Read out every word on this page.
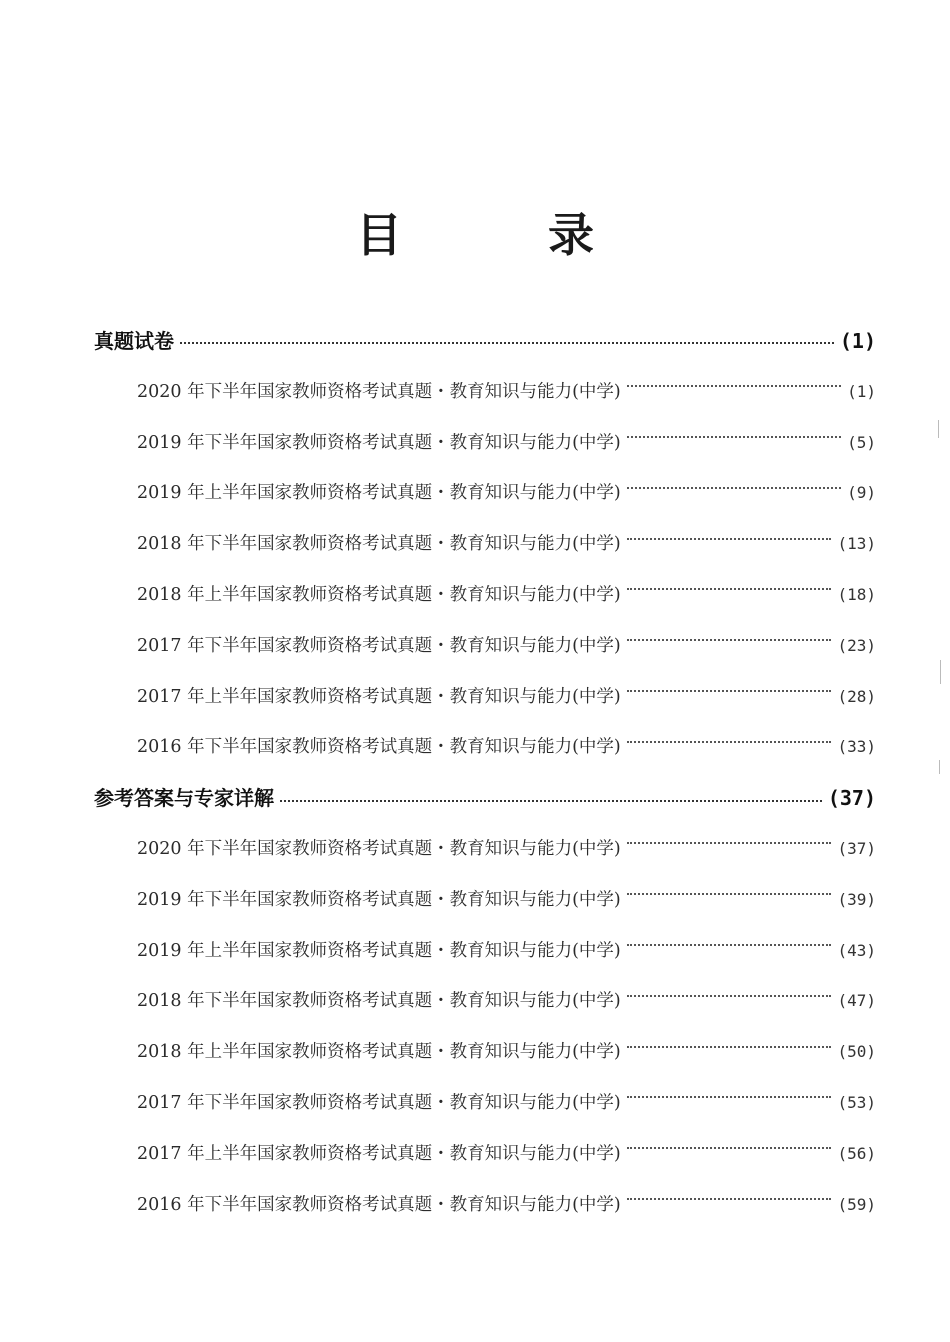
目　录
真题试卷	(1)
2020 年下半年国家教师资格考试真题・教育知识与能力(中学)	(1)
2019 年下半年国家教师资格考试真题・教育知识与能力(中学)	(5)
2019 年上半年国家教师资格考试真题・教育知识与能力(中学)	(9)
2018 年下半年国家教师资格考试真题・教育知识与能力(中学)	(13)
2018 年上半年国家教师资格考试真题・教育知识与能力(中学)	(18)
2017 年下半年国家教师资格考试真题・教育知识与能力(中学)	(23)
2017 年上半年国家教师资格考试真题・教育知识与能力(中学)	(28)
2016 年下半年国家教师资格考试真题・教育知识与能力(中学)	(33)
参考答案与专家详解	(37)
2020 年下半年国家教师资格考试真题・教育知识与能力(中学)	(37)
2019 年下半年国家教师资格考试真题・教育知识与能力(中学)	(39)
2019 年上半年国家教师资格考试真题・教育知识与能力(中学)	(43)
2018 年下半年国家教师资格考试真题・教育知识与能力(中学)	(47)
2018 年上半年国家教师资格考试真题・教育知识与能力(中学)	(50)
2017 年下半年国家教师资格考试真题・教育知识与能力(中学)	(53)
2017 年上半年国家教师资格考试真题・教育知识与能力(中学)	(56)
2016 年下半年国家教师资格考试真题・教育知识与能力(中学)	(59)
